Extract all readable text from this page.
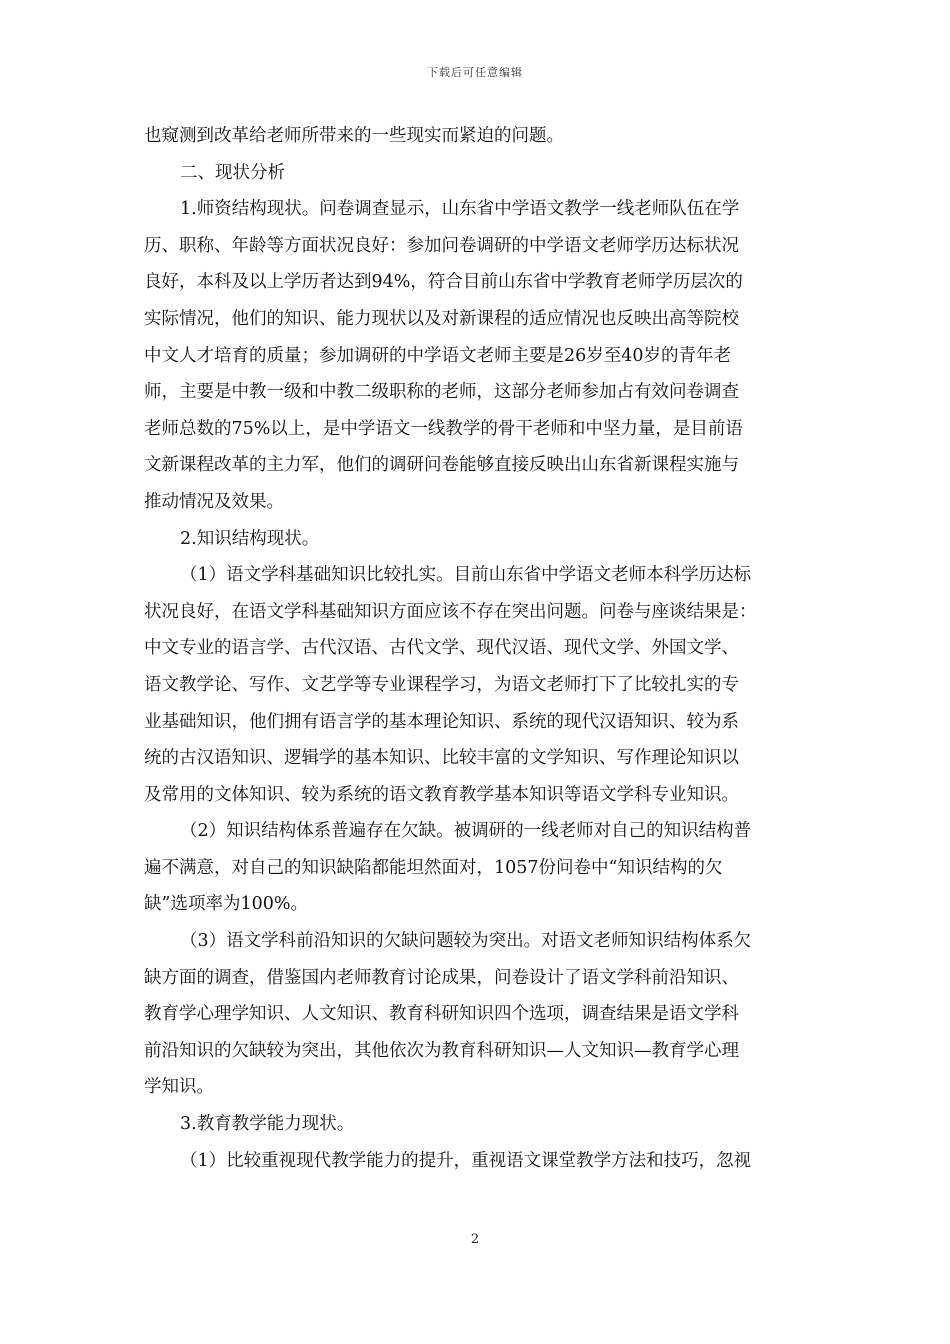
下载后可任意编辑
也窥测到改革给老师所带来的一些现实而紧迫的问题。
二、现状分析
1.师资结构现状。问卷调查显示，山东省中学语文教学一线老师队伍在学
历、职称、年龄等方面状况良好：参加问卷调研的中学语文老师学历达标状况
良好，本科及以上学历者达到94%，符合目前山东省中学教育老师学历层次的
实际情况，他们的知识、能力现状以及对新课程的适应情况也反映出高等院校
中文人才培育的质量；参加调研的中学语文老师主要是26岁至40岁的青年老
师，主要是中教一级和中教二级职称的老师，这部分老师参加占有效问卷调查
老师总数的75%以上，是中学语文一线教学的骨干老师和中坚力量，是目前语
文新课程改革的主力军，他们的调研问卷能够直接反映出山东省新课程实施与
推动情况及效果。
2.知识结构现状。
（1）语文学科基础知识比较扎实。目前山东省中学语文老师本科学历达标
状况良好，在语文学科基础知识方面应该不存在突出问题。问卷与座谈结果是：
中文专业的语言学、古代汉语、古代文学、现代汉语、现代文学、外国文学、
语文教学论、写作、文艺学等专业课程学习，为语文老师打下了比较扎实的专
业基础知识，他们拥有语言学的基本理论知识、系统的现代汉语知识、较为系
统的古汉语知识、逻辑学的基本知识、比较丰富的文学知识、写作理论知识以
及常用的文体知识、较为系统的语文教育教学基本知识等语文学科专业知识。
（2）知识结构体系普遍存在欠缺。被调研的一线老师对自己的知识结构普
遍不满意，对自己的知识缺陷都能坦然面对，1057份问卷中“知识结构的欠
缺”选项率为100%。
（3）语文学科前沿知识的欠缺问题较为突出。对语文老师知识结构体系欠
缺方面的调查，借鉴国内老师教育讨论成果，问卷设计了语文学科前沿知识、
教育学心理学知识、人文知识、教育科研知识四个选项，调查结果是语文学科
前沿知识的欠缺较为突出，其他依次为教育科研知识—人文知识—教育学心理
学知识。
3.教育教学能力现状。
（1）比较重视现代教学能力的提升，重视语文课堂教学方法和技巧，忽视
2
